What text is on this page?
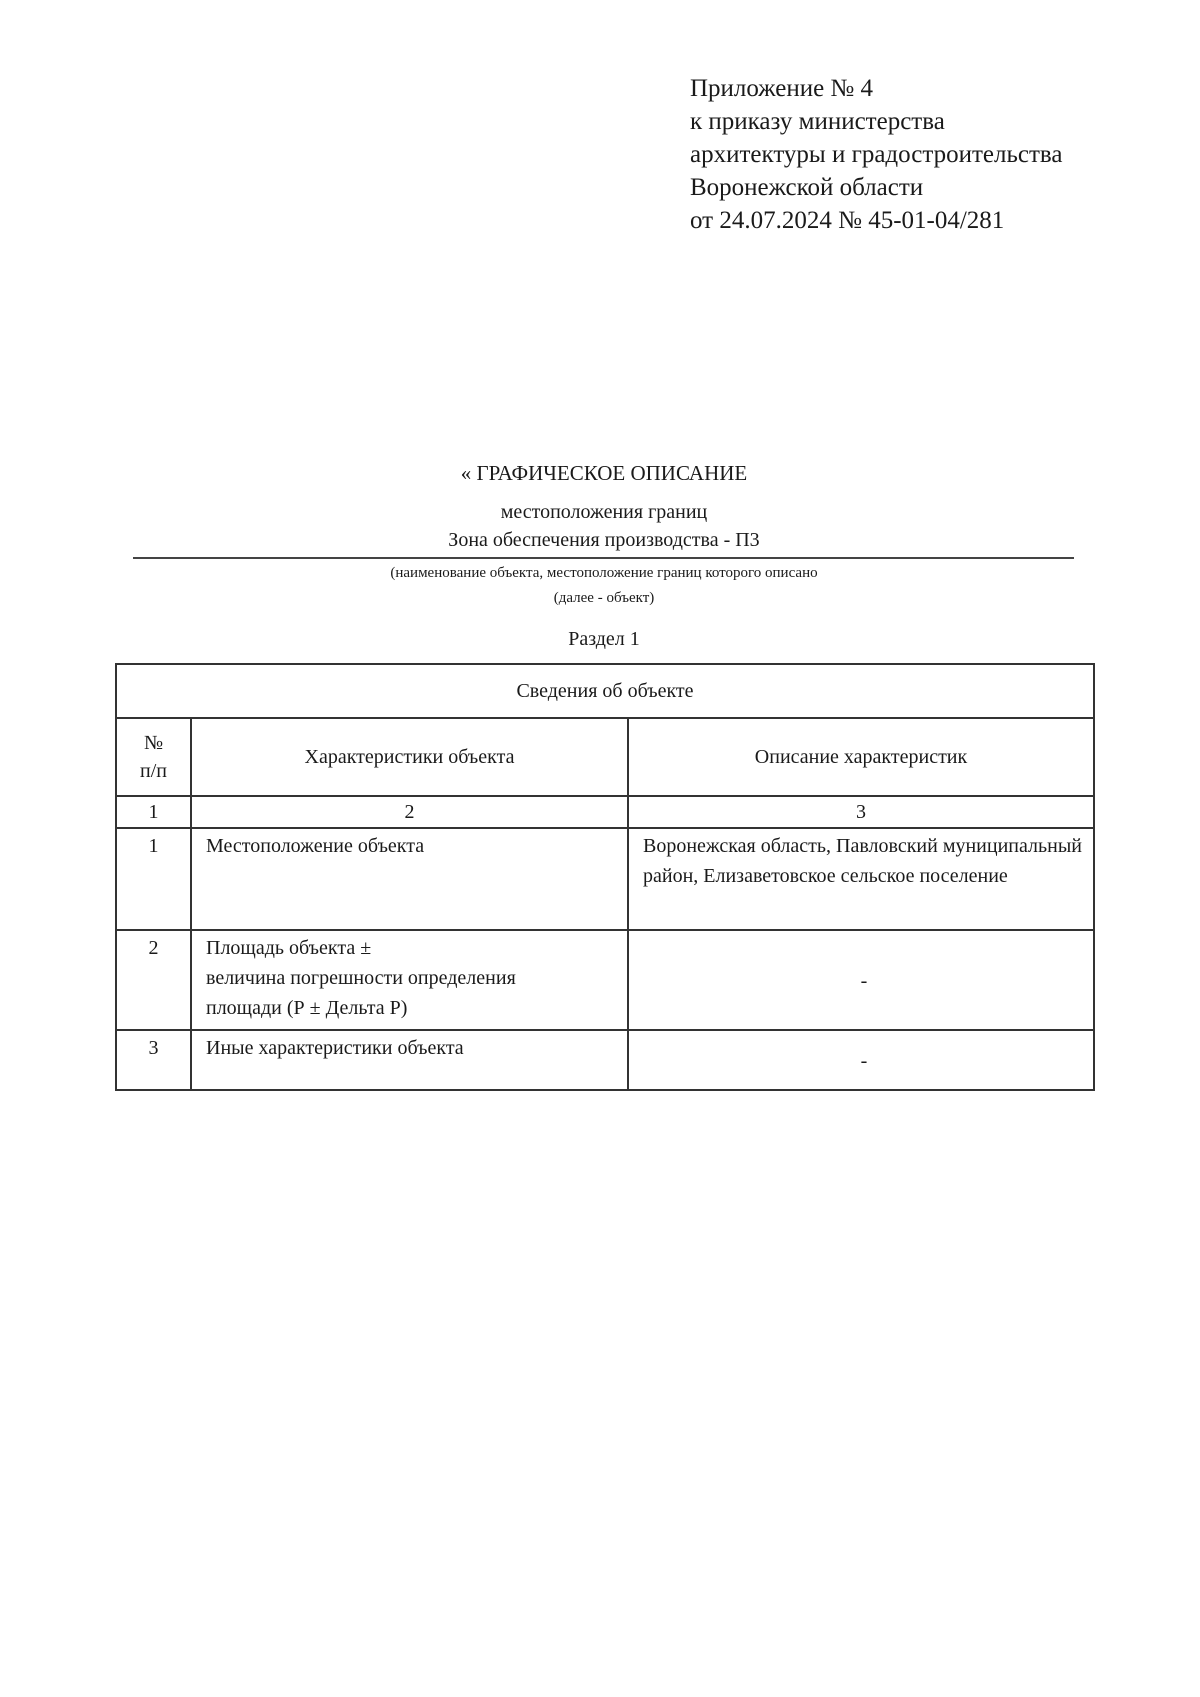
Приложение № 4
к приказу министерства
архитектуры и градостроительства
Воронежской области
от 24.07.2024 № 45-01-04/281
« ГРАФИЧЕСКОЕ ОПИСАНИЕ
местоположения границ
Зона обеспечения производства - П3
(наименование объекта, местоположение границ которого описано
(далее - объект)
Раздел 1
Сведения об объекте		

№
п/п	Характеристики объекта	Описание характеристик
1	2	3
1	Местоположение объекта	Воронежская область, Павловский муниципальный район, Елизаветовское сельское поселение
2	Площадь объекта ±
величина погрешности определения
площади (Р ± Дельта Р)	-
3	Иные характеристики объекта	-
